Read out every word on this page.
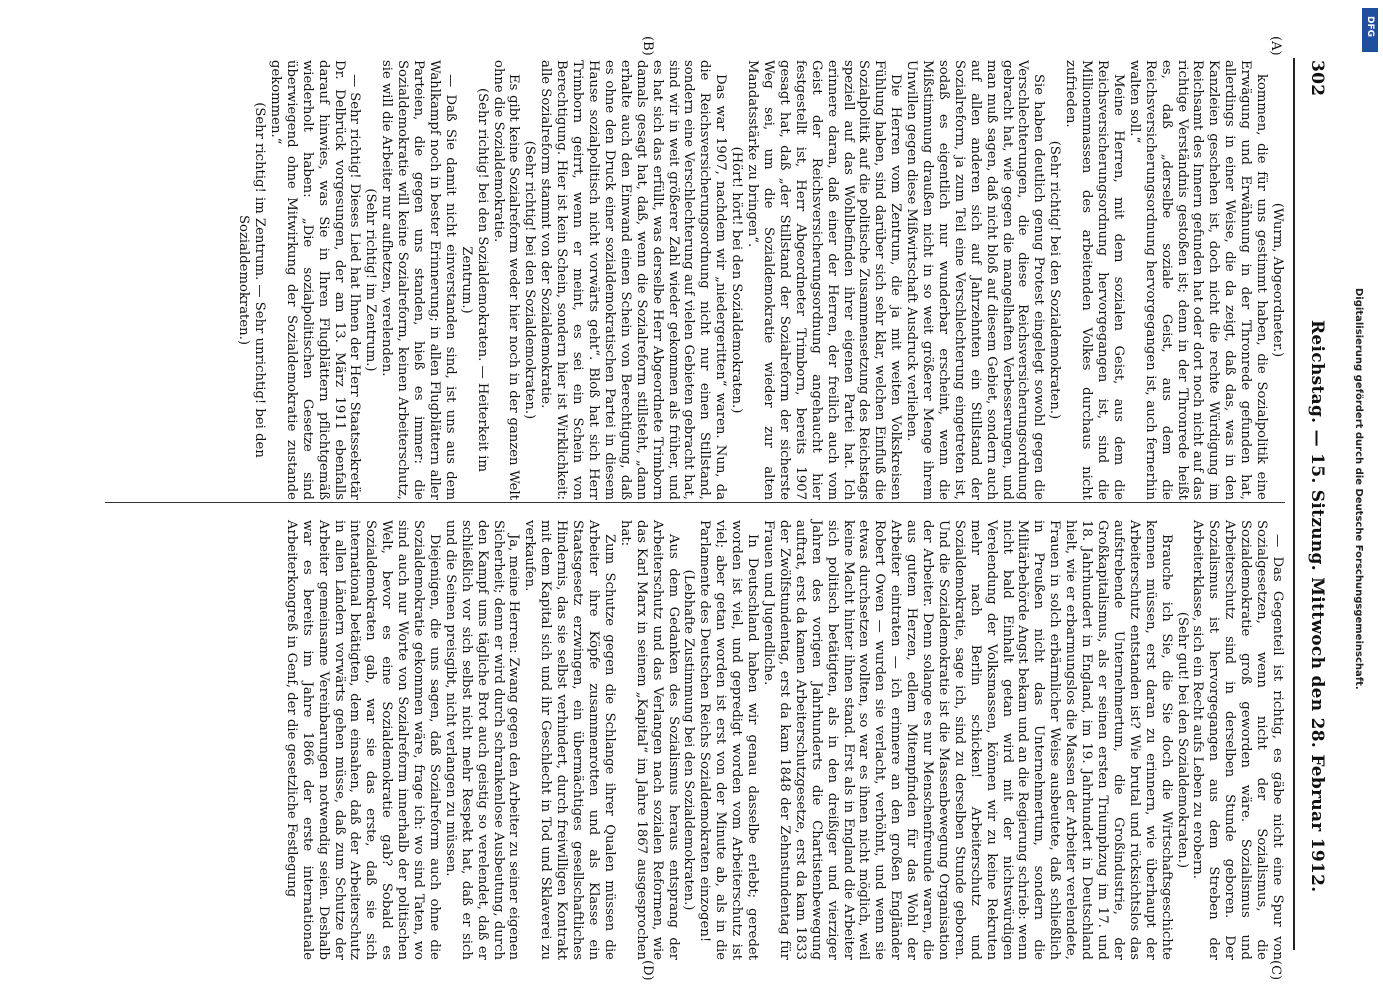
302
Reichstag. — 15. Sitzung. Mittwoch den 28. Februar 1912.
(A)
(B)
(C)
(D)

(Wurm, Abgeordneter.)

kommen, die für uns gestimmt haben, die Sozialpolitik eine Erwägung und Erwähnung in der Thronrede gefunden hat, allerdings in einer Weise, die da zeigt, daß das, was in den Kanzleien geschehen ist, doch nicht die rechte Würdigung im Reichsamt des Innern gefunden hat oder dort noch nicht auf das richtige Verständnis gestoßen ist; denn in der Thronrede heißt es, daß „derselbe soziale Geist, aus dem die Reichsversicherungsordnung hervorgegangen ist, auch fernerhin walten soll.“

Meine Herren, mit dem sozialen Geist, aus dem die Reichsversicherungsordnung hervorgegangen ist, sind die Millionenmassen des arbeitenden Volkes durchaus nicht zufrieden.

(Sehr richtig! bei den Sozialdemokraten.)

Sie haben deutlich genug Protest eingelegt sowohl gegen die Verschlechterungen, die diese Reichsversicherungsordnung gebracht hat, wie gegen die mangelhaften Verbesserungen, und man muß sagen, daß nicht bloß auf diesem Gebiet, sondern auch auf allen anderen sich auf Jahrzehnten ein Stillstand der Sozialreform, ja zum Teil eine Verschlechterung eingetreten ist, sodaß es eigentlich nur wunderbar erscheint, wenn die Mißstimmung draußen nicht in so weit größerer Menge ihrem Unwillen gegen diese Mißwirtschaft Ausdruck verliehen.

Die Herren vom Zentrum, die ja mit weiten Volkskreisen Fühlung haben, sind darüber sich sehr klar, welchen Einfluß die Sozialpolitik auf die politische Zusammensetzung des Reichstags speziell auf das Wohlbefinden ihrer eigenen Partei hat. Ich erinnere daran, daß einer der Herren, der freilich auch vom Geist der Reichsversicherungsordnung angehaucht hier festgestellt ist, Herr Abgeordneter Trimborn, bereits 1907 gesagt hat, daß „der Stillstand der Sozialreform der sicherste Weg sei, um die Sozialdemokratie wieder zur alten Mandatsstärke zu bringen“.

(Hört! hört! bei den Sozialdemokraten.)

Das war 1907, nachdem wir „niedergeritten“ waren. Nun, da die Reichsversicherungsordnung nicht nur einen Stillstand, sondern eine Verschlechterung auf vielen Gebieten gebracht hat, sind wir in weit größerer Zahl wieder gekommen als früher, und es hat sich das erfüllt, was derselbe Herr Abgeordnete Trimborn damals gesagt hat, daß, wenn die Sozialreform stillsteht, „dann erhalte auch den Einwand einen Schein von Berechtigung, daß es ohne den Druck einer sozialdemokratischen Partei in diesem Hause sozialpolitisch nicht vorwärts geht“. Bloß hat sich Herr Trimborn geirrt, wenn er meint, es sei ein Schein von Berechtigung. Hier ist kein Schein, sondern hier ist Wirklichkeit: alle Sozialreform stammt von der Sozialdemokratie.

(Sehr richtig! bei den Sozialdemokraten.)

Es gibt keine Sozialreform weder hier noch in der ganzen Welt ohne die Sozialdemokratie.

(Sehr richtig! bei den Sozialdemokraten. — Heiterkeit im Zentrum.)

— Daß Sie damit nicht einverstanden sind, ist uns aus dem Wahlkampf noch in bester Erinnerung; in allen Flugblättern aller Parteien, die gegen uns standen, hieß es immer: die Sozialdemokratie will keine Sozialreform, keinen Arbeiterschutz, sie will die Arbeiter nur aufhetzen, verelenden.

(Sehr richtig! im Zentrum.)

— Sehr richtig! Dieses Lied hat Ihnen der Herr Staatssekretär Dr. Delbrück vorgesungen, der am 13. März 1911 ebenfalls darauf hinwies, was Sie in Ihren Flugblättern pflichtgemäß wiederholt haben: „Die sozialpolitischen Gesetze sind überwiegend ohne Mitwirkung der Sozialdemokratie zustande gekommen.“

(Sehr richtig! im Zentrum. — Sehr unrichtig! bei den Sozialdemokraten.)

— Das Gegenteil ist richtig, es gäbe nicht eine Spur von Sozialgesetzen, wenn nicht der Sozialismus, die Sozialdemokratie groß geworden wäre. Sozialismus und Arbeiterschutz sind in derselben Stunde geboren. Der Sozialismus ist hervorgegangen aus dem Streben der Arbeiterklasse, sich ein Recht aufs Leben zu erobern.

(Sehr gut! bei den Sozialdemokraten.)

Brauche ich Sie, die Sie doch die Wirtschaftsgeschichte kennen müssen, erst daran zu erinnern, wie überhaupt der Arbeiterschutz entstanden ist? Wie brutal und rücksichtslos das aufstrebende Unternehmertum, die Großindustrie, der Großkapitalismus, als er seinen ersten Triumphzug im 17. und 18. Jahrhundert in England, im 19. Jahrhundert in Deutschland hielt, wie er erbarmungslos die Massen der Arbeiter verelendete, Frauen in solch erbärmlicher Weise ausbeutete, daß schließlich in Preußen nicht das Unternehmertum, sondern die Militärbehörde Angst bekam und an die Regierung schrieb: wenn nicht bald Einhalt getan wird mit der nichtswürdigen Verelendung der Volksmassen, können wir zu keine Rekruten mehr nach Berlin schicken! Arbeiterschutz und Sozialdemokratie, sage ich, sind zu derselben Stunde geboren. Und die Sozialdemokratie ist die Massenbewegung Organisation der Arbeiter. Denn solange es nur Menschenfreunde waren, die aus gutem Herzen, edlem Mitempfinden für das Wohl der Arbeiter eintraten — ich erinnere an den großen Engländer Robert Owen — wurden sie verlacht, verhöhnt, und wenn sie etwas durchsetzen wollten, so war es ihnen nicht möglich, weil keine Macht hinter ihnen stand. Erst als in England die Arbeiter sich politisch betätigten, als in den dreißiger und vierziger Jahren des vorigen Jahrhunderts die Chartistenbewegung auftrat, erst da kamen Arbeiterschutzgesetze, erst da kam 1833 der Zwölfstundentag, erst da kam 1848 der Zehnstundentag für Frauen und Jugendliche.

In Deutschland haben wir genau dasselbe erlebt; geredet worden ist viel, und gepredigt worden vom Arbeiterschutz ist viel; aber getan worden ist erst von der Minute ab, als in die Parlamente des Deutschen Reichs Sozialdemokraten einzogen!

(Lebhafte Zustimmung bei den Sozialdemokraten.)

Aus dem Gedanken des Sozialismus heraus entsprang der Arbeiterschutz und das Verlangen nach sozialen Reformen, wie das Karl Marx in seinem „Kapital“ im Jahre 1867 ausgesprochen hat:

Zum Schutze gegen die Schlange ihrer Qualen müssen die Arbeiter ihre Köpfe zusammenrotten und als Klasse ein Staatsgesetz erzwingen, ein übermächtiges gesellschaftliches Hindernis, das sie selbst verhindert, durch freiwilligen Kontrakt mit dem Kapital sich und ihr Geschlecht in Tod und Sklaverei zu verkaufen.

Ja, meine Herren: Zwang gegen den Arbeiter zu seiner eigenen Sicherheit; denn er wird durch schrankenlose Ausbeutung, durch den Kampf ums tägliche Brot auch geistig so verelendet, daß er schließlich vor sich selbst nicht mehr Respekt hat, daß er sich und die Seinen preisgibt, nicht verlangen zu müssen.

Diejenigen, die uns sagen, daß Sozialreform auch ohne die Sozialdemokratie gekommen wäre, frage ich: wo sind Taten, wo sind auch nur Worte von Sozialreform innerhalb der politischen Welt, bevor es eine Sozialdemokratie gab? Sobald es Sozialdemokraten gab, war sie das erste, daß sie sich international betätigten, dem einsahen, daß der Arbeiterschutz in allen Ländern vorwärts gehen müsse, daß zum Schutze der Arbeiter gemeinsame Vereinbarungen notwendig seien. Deshalb war es bereits im Jahre 1866 der erste internationale Arbeiterkongreß in Genf, der die gesetzliche Festlegung

Digitalisierung gefördert durch die Deutsche Forschungsgemeinschaft.
DFG
